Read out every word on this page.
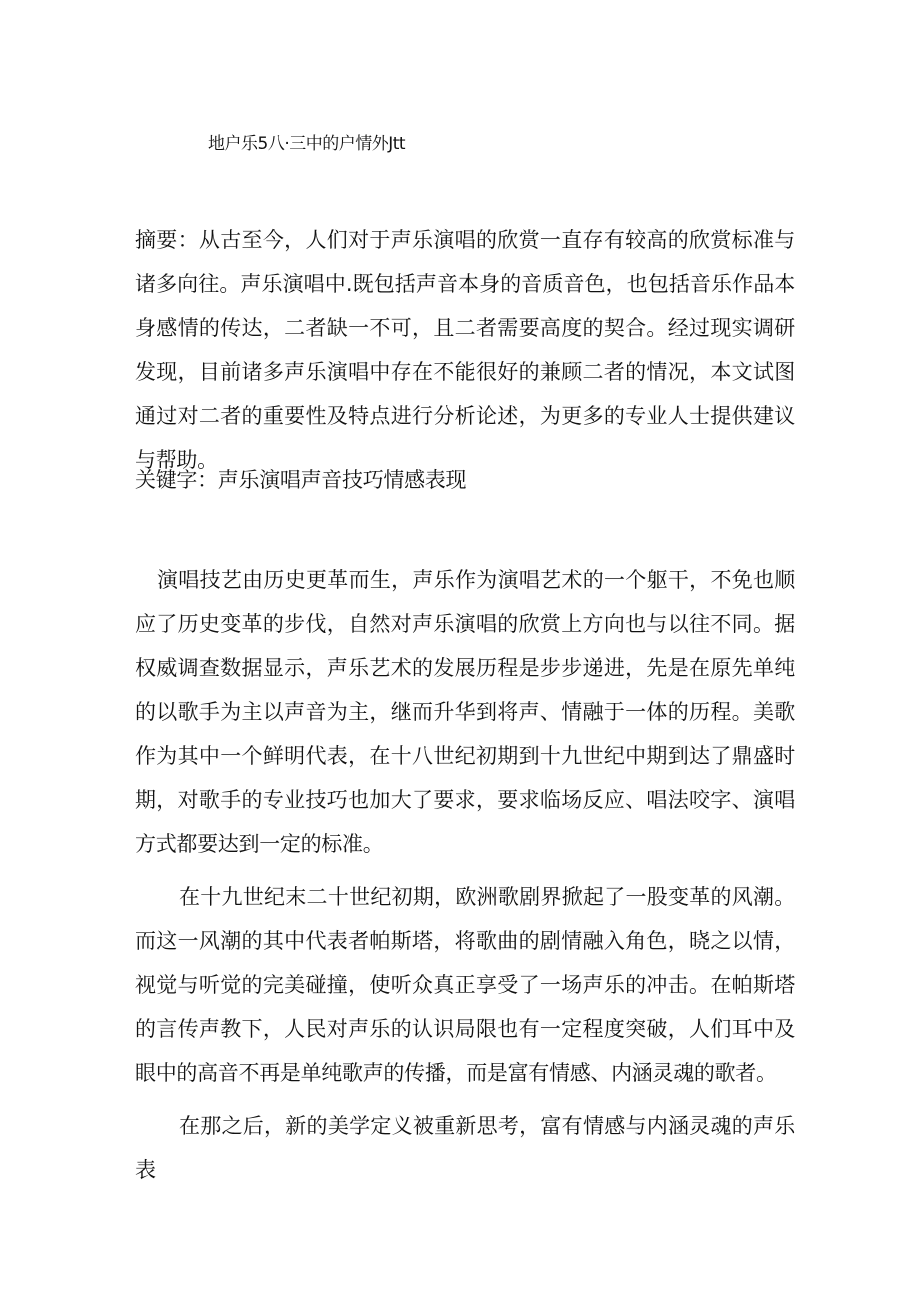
地户乐5八·三中的户情外Jtt
摘要：从古至今，人们对于声乐演唱的欣赏一直存有较高的欣赏标准与诸多向往。声乐演唱中.既包括声音本身的音质音色，也包括音乐作品本身感情的传达，二者缺一不可，且二者需要高度的契合。经过现实调研发现，目前诸多声乐演唱中存在不能很好的兼顾二者的情况，本文试图通过对二者的重要性及特点进行分析论述，为更多的专业人士提供建议与帮助。
关键字：声乐演唱声音技巧情感表现

演唱技艺由历史更革而生，声乐作为演唱艺术的一个躯干，不免也顺应了历史变革的步伐，自然对声乐演唱的欣赏上方向也与以往不同。据权威调查数据显示，声乐艺术的发展历程是步步递进，先是在原先单纯的以歌手为主以声音为主，继而升华到将声、情融于一体的历程。美歌作为其中一个鲜明代表，在十八世纪初期到十九世纪中期到达了鼎盛时期，对歌手的专业技巧也加大了要求，要求临场反应、唱法咬字、演唱方式都要达到一定的标准。

在十九世纪末二十世纪初期，欧洲歌剧界掀起了一股变革的风潮。而这一风潮的其中代表者帕斯塔，将歌曲的剧情融入角色，晓之以情，视觉与听觉的完美碰撞，使听众真正享受了一场声乐的冲击。在帕斯塔的言传声教下，人民对声乐的认识局限也有一定程度突破，人们耳中及眼中的高音不再是单纯歌声的传播，而是富有情感、内涵灵魂的歌者。

在那之后，新的美学定义被重新思考，富有情感与内涵灵魂的声乐表
